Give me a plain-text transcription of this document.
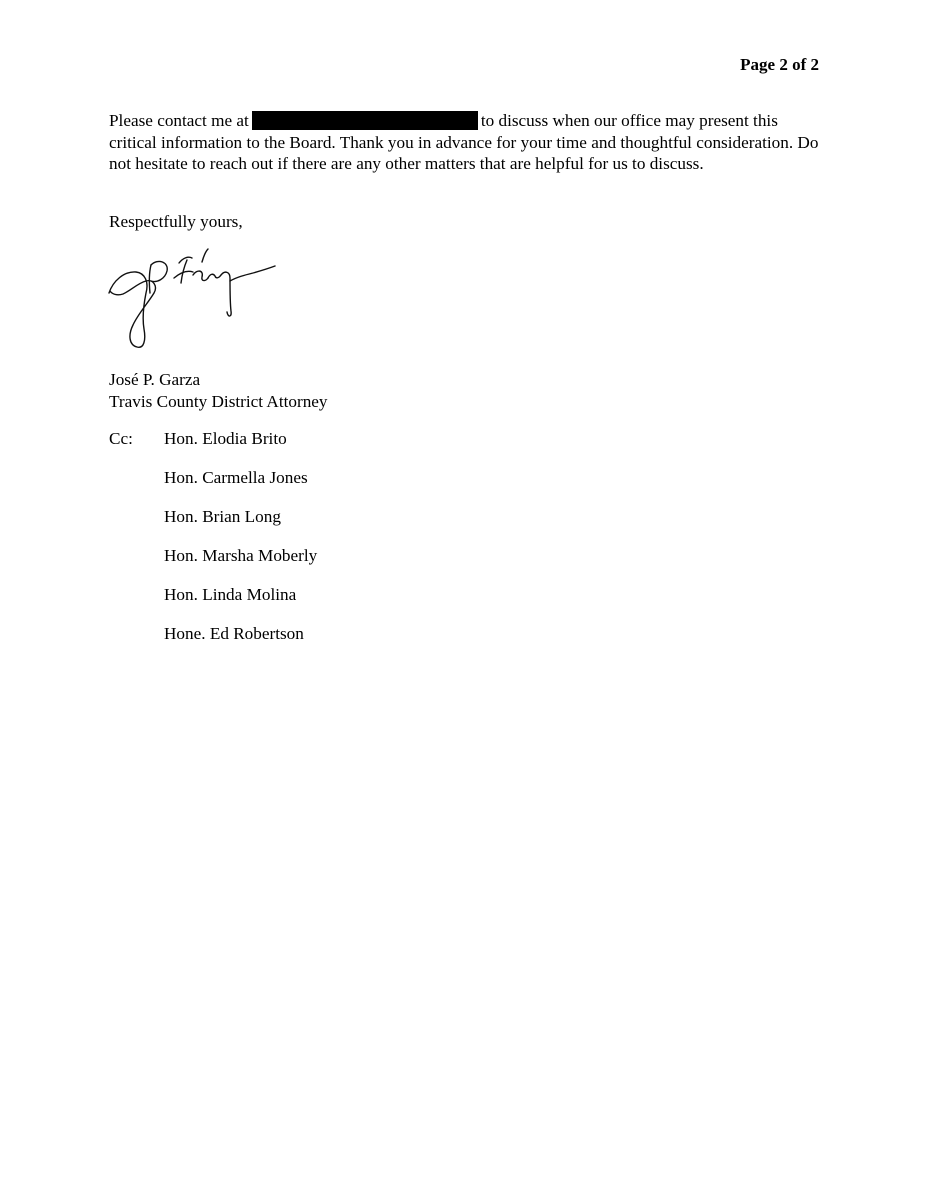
Page 2 of 2
Please contact me at	to discuss when our office may present this critical information to the Board. Thank you in advance for your time and thoughtful consideration. Do not hesitate to reach out if there are any other matters that are helpful for us to discuss.
Respectfully yours,
José P. Garza
Travis County District Attorney
Cc: Hon. Elodia Brito
Hon. Carmella Jones
Hon. Brian Long
Hon. Marsha Moberly
Hon. Linda Molina
Hone. Ed Robertson
